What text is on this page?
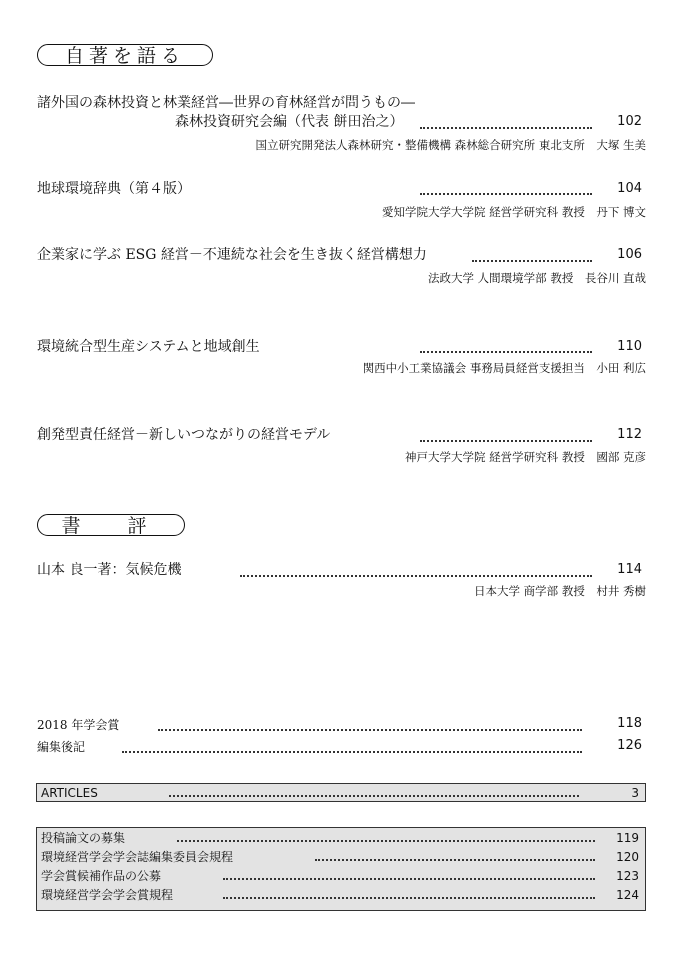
自著を語る
諸外国の森林投資と林業経営―世界の育林経営が問うもの―
森林投資研究会編（代表 餅田治之）	102
国立研究開発法人森林研究・整備機構 森林総合研究所 東北支所　大塚 生美
地球環境辞典（第４版）	104
愛知学院大学大学院 経営学研究科 教授　丹下 博文
企業家に学ぶ ESG 経営－不連続な社会を生き抜く経営構想力	106
法政大学 人間環境学部 教授　長谷川 直哉
環境統合型生産システムと地域創生	110
関西中小工業協議会 事務局員経営支援担当　小田 利広
創発型責任経営－新しいつながりの経営モデル	112
神戸大学大学院 経営学研究科 教授　國部 克彦
書　評
山本 良一著：気候危機	114
日本大学 商学部 教授　村井 秀樹
2018 年学会賞	118
編集後記	126
ARTICLES	3
投稿論文の募集	119
環境経営学会学会誌編集委員会規程	120
学会賞候補作品の公募	123
環境経営学会学会賞規程	124
